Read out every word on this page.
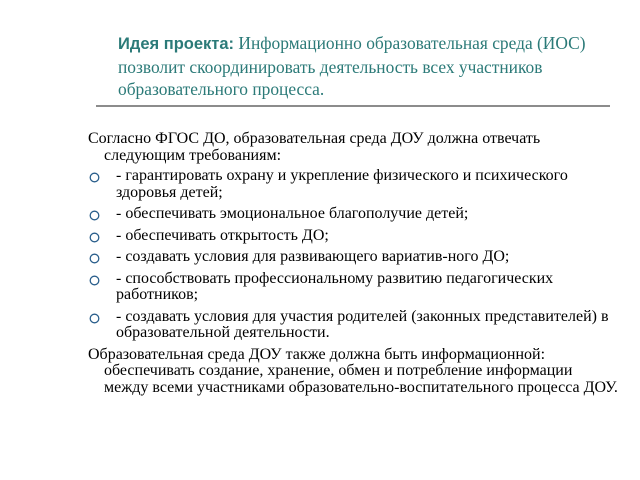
Идея проекта: Информационно образовательная среда (ИОС) позволит скоординировать деятельность всех участников образовательного процесса.

Согласно ФГОС ДО, образовательная среда ДОУ должна отвечать следующим требованиям:

- гарантировать охрану и укрепление физического и психического здоровья детей;
- обеспечивать эмоциональное благополучие детей;
- обеспечивать открытость ДО;
- создавать условия для развивающего вариатив-ного ДО;
- способствовать профессиональному развитию педагогических работников;
- создавать условия для участия родителей (законных представителей) в образовательной деятельности.

Образовательная среда ДОУ также должна быть информационной: обеспечивать создание, хранение, обмен и потребление информации между всеми участниками образовательно-воспитательного процесса ДОУ.
